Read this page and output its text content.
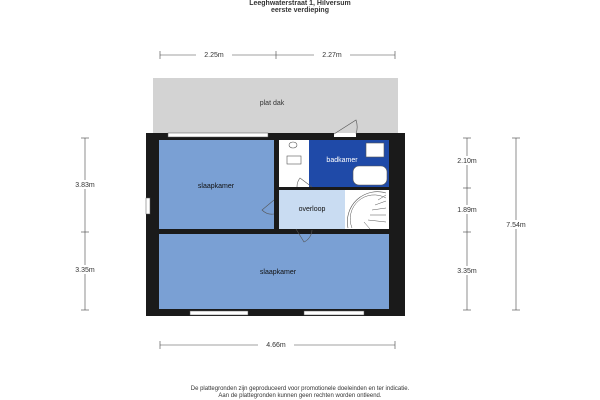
Leeghwaterstraat 1, Hilversum
eerste verdieping
plat dak
slaapkamer
badkamer
overloop
slaapkamer
2.25m	2.27m
3.83m
3.35m
2.10m
1.89m
3.35m
7.54m
4.66m
De plattegronden zijn geproduceerd voor promotionele doeleinden en ter indicatie.
Aan de plattegronden kunnen geen rechten worden ontleend.
